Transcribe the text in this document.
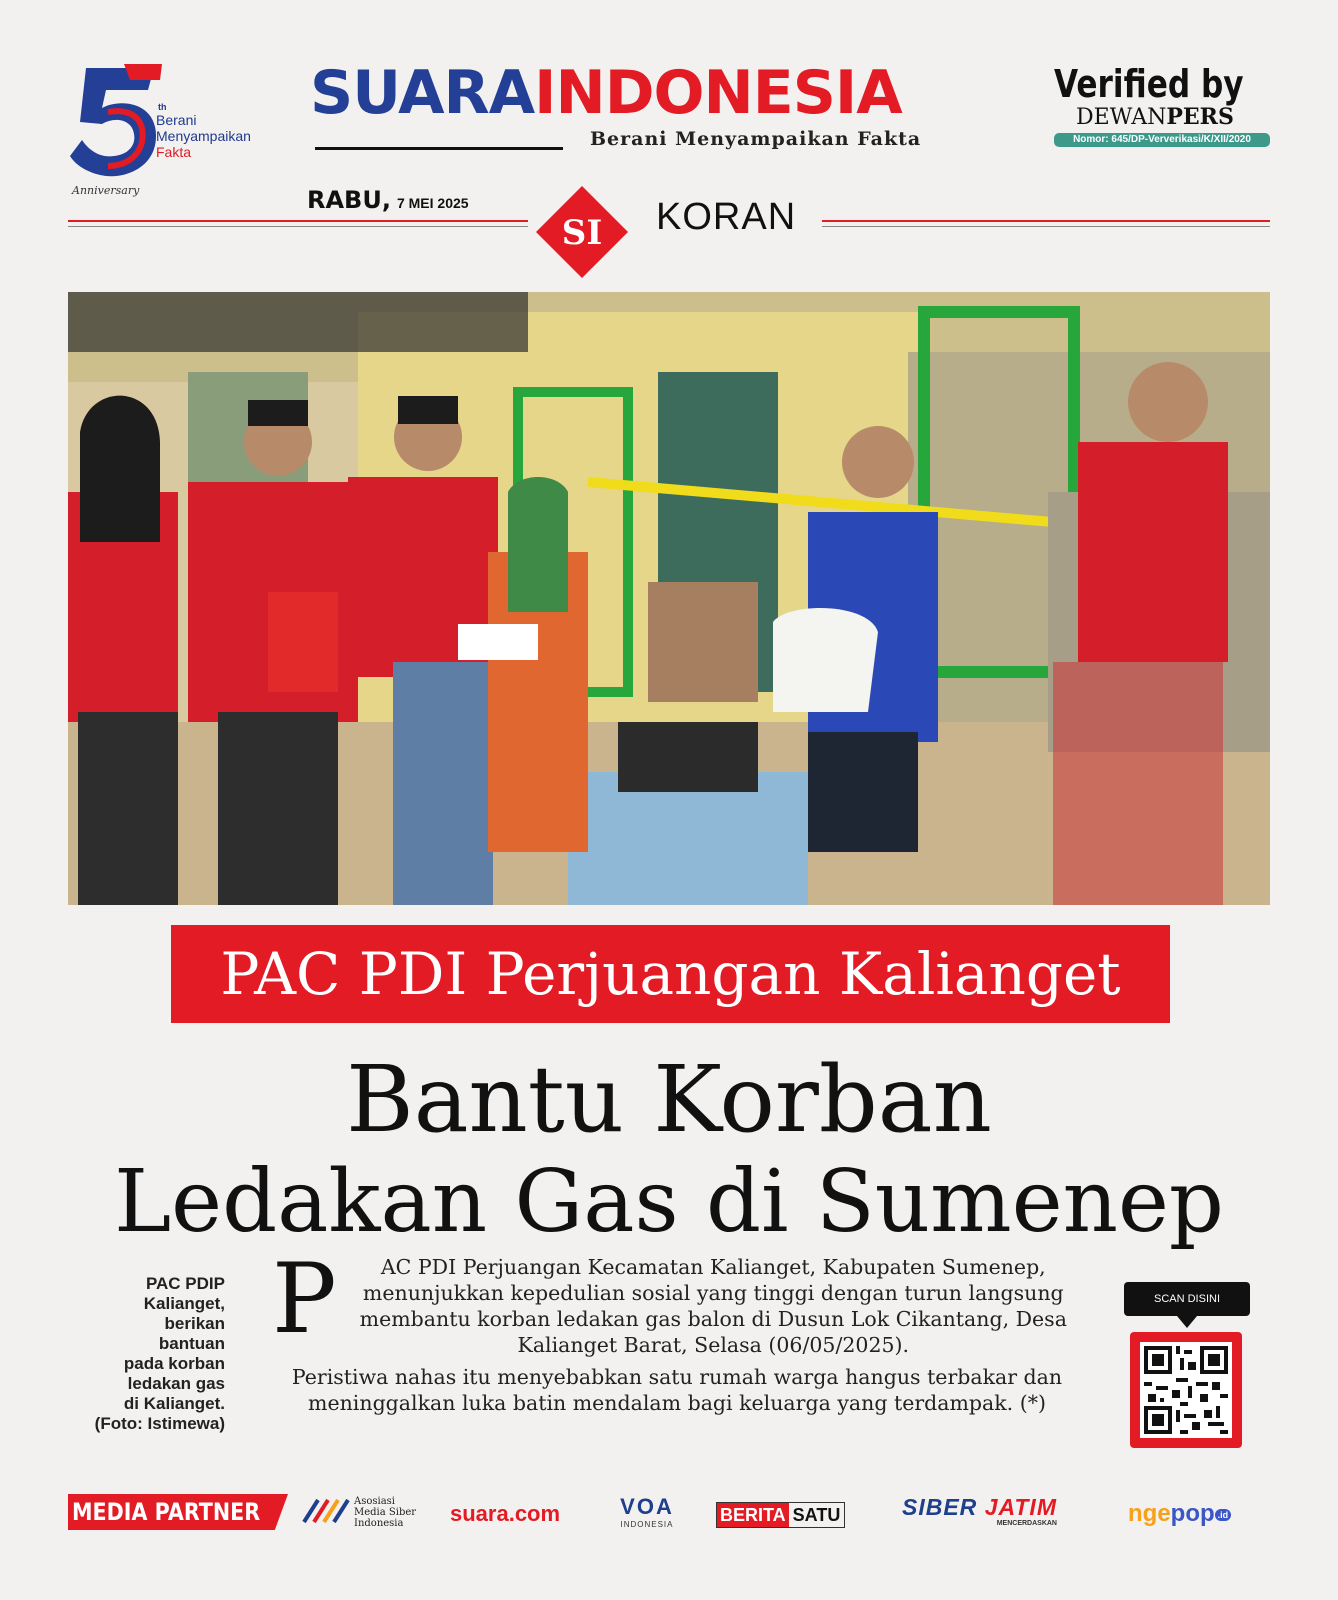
th
Berani
Menyampaikan
Fakta
Anniversary
SUARAINDONESIA
Berani Menyampaikan Fakta
Verified by
DEWANPERS
Nomor: 645/DP-Ververikasi/K/XII/2020
RABU, 7 MEI 2025
SI KORAN
PAC PDI Perjuangan Kalianget
Bantu Korban
Ledakan Gas di Sumenep
PAC PDIP
Kalianget,
berikan
bantuan
pada korban
ledakan gas
di Kalianget.
(Foto: Istimewa)
P	AC PDI Perjuangan Kecamatan Kalianget, Kabupaten Sumenep, menunjukkan kepedulian sosial yang tinggi dengan turun langsung membantu korban ledakan gas balon di Dusun Lok Cikantang, Desa Kalianget Barat, Selasa (06/05/2025).

Peristiwa nahas itu menyebabkan satu rumah warga hangus terbakar dan meninggalkan luka batin mendalam bagi keluarga yang terdampak. (*)

SCAN DISINI
MEDIA PARTNER	Asosiasi
Media Siber
Indonesia	suara.com	VOA
INDONESIA	BERITA SATU	SIBER JATIM
MENCERDASKAN	ngepop .id
